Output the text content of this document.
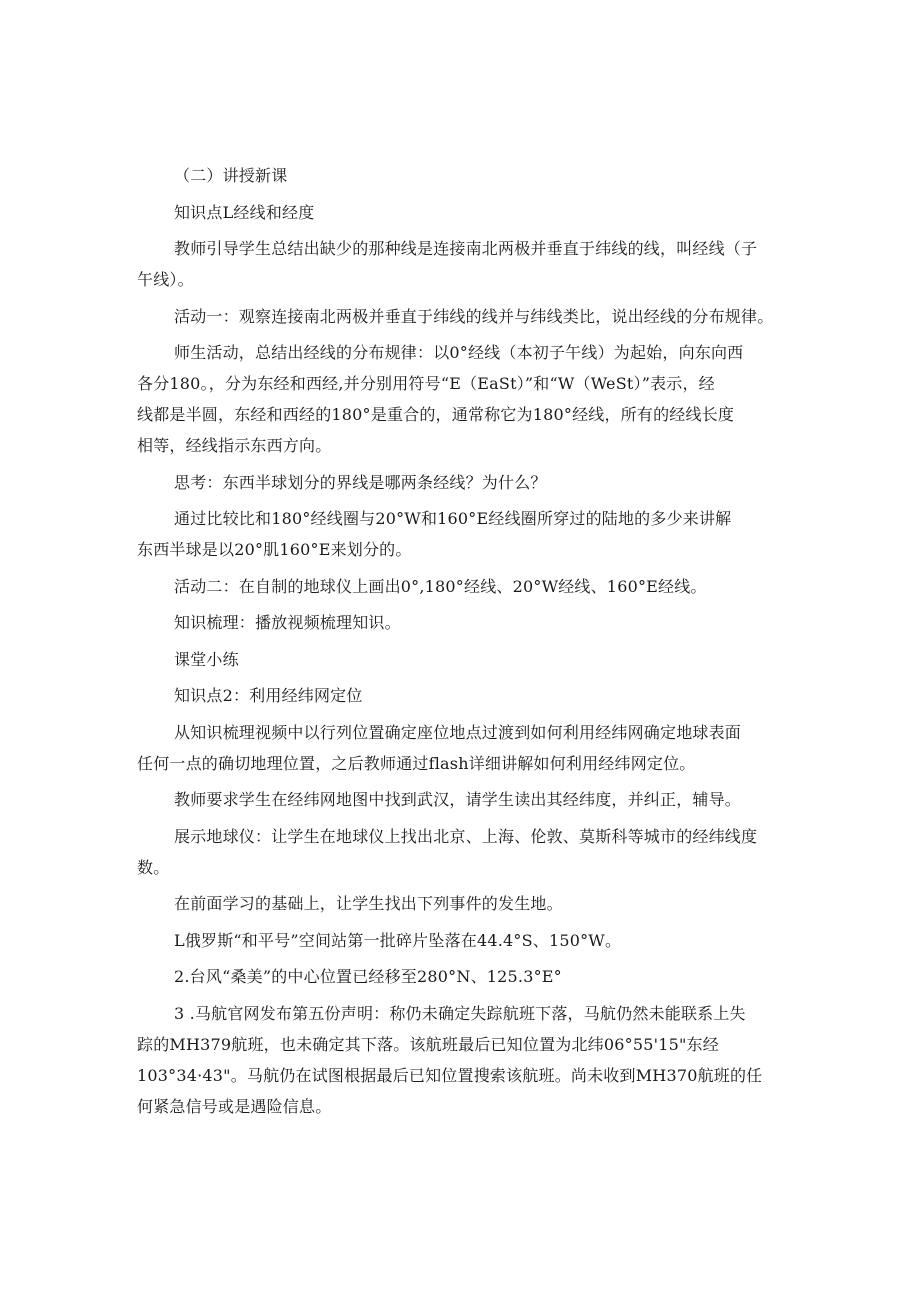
（二）讲授新课

知识点L经线和经度

教师引导学生总结出缺少的那种线是连接南北两极并垂直于纬线的线，叫经线（子
午线）。

活动一：观察连接南北两极并垂直于纬线的线并与纬线类比，说出经线的分布规律。

师生活动，总结出经线的分布规律：以0°经线（本初子午线）为起始，向东向西
各分180。，分为东经和西经,并分别用符号“E（EaSt）”和“W（WeSt）”表示，经
线都是半圆，东经和西经的180°是重合的，通常称它为180°经线，所有的经线长度
相等，经线指示东西方向。

思考：东西半球划分的界线是哪两条经线？为什么？

通过比较比和180°经线圈与20°W和160°E经线圈所穿过的陆地的多少来讲解
东西半球是以20°肌160°E来划分的。

活动二：在自制的地球仪上画出0°,180°经线、20°W经线、160°E经线。

知识梳理：播放视频梳理知识。

课堂小练

知识点2：利用经纬网定位

从知识梳理视频中以行列位置确定座位地点过渡到如何利用经纬网确定地球表面
任何一点的确切地理位置，之后教师通过flash详细讲解如何利用经纬网定位。

教师要求学生在经纬网地图中找到武汉，请学生读出其经纬度，并纠正，辅导。

展示地球仪：让学生在地球仪上找出北京、上海、伦敦、莫斯科等城市的经纬线度
数。

在前面学习的基础上，让学生找出下列事件的发生地。

L俄罗斯“和平号”空间站第一批碎片坠落在44.4°S、150°W。

2.台风“桑美”的中心位置已经移至280°N、125.3°E°

3 .马航官网发布第五份声明：称仍未确定失踪航班下落，马航仍然未能联系上失
踪的MH379航班，也未确定其下落。该航班最后已知位置为北纬06°55'15"东经
103°34·43"。马航仍在试图根据最后已知位置搜索该航班。尚未收到MH370航班的任
何紧急信号或是遇险信息。
